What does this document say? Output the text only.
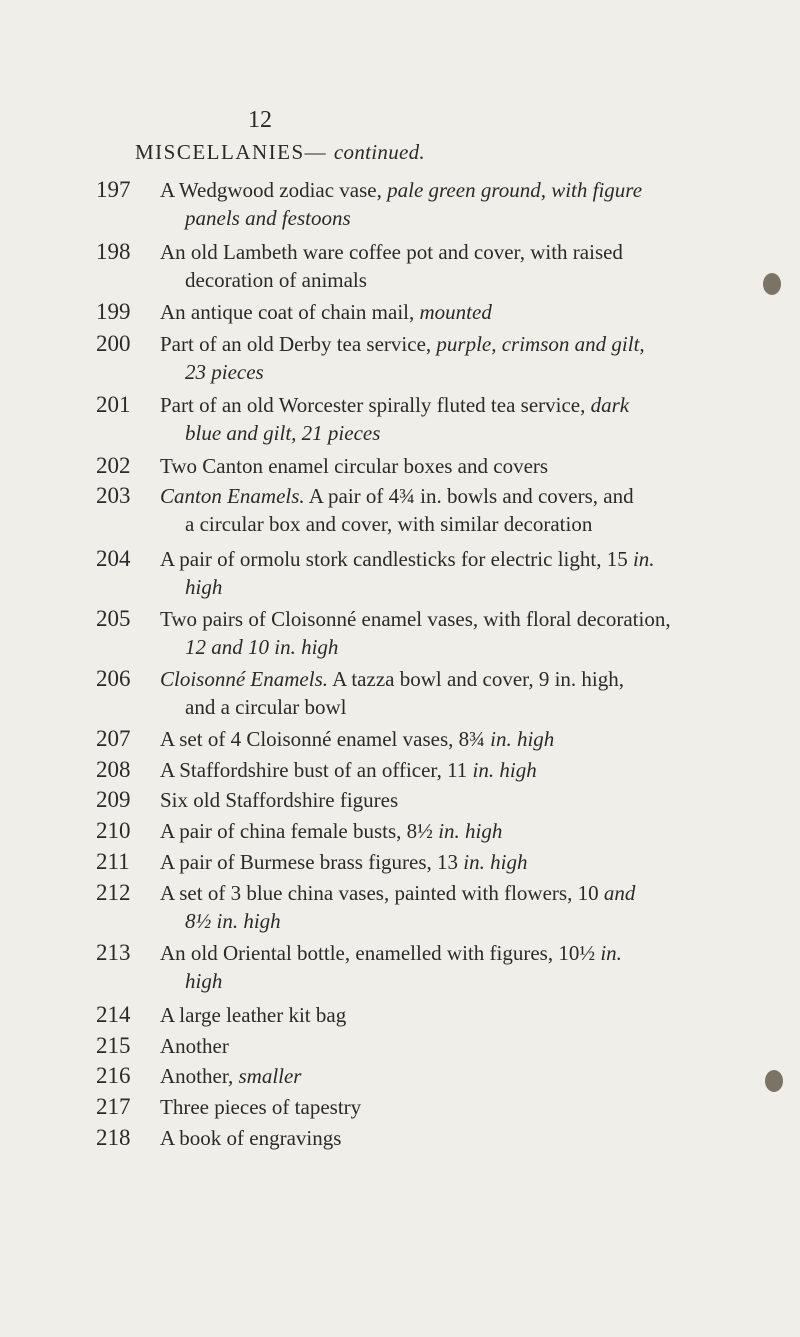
12
MISCELLANIES— continued.
197	A Wedgwood zodiac vase, pale green ground, with figure
panels and festoons
198	An old Lambeth ware coffee pot and cover, with raised
decoration of animals
199	An antique coat of chain mail, mounted
200	Part of an old Derby tea service, purple, crimson and gilt,
23 pieces
201	Part of an old Worcester spirally fluted tea service, dark
blue and gilt, 21 pieces
202	Two Canton enamel circular boxes and covers
203	Canton Enamels. A pair of 4¾ in. bowls and covers, and
a circular box and cover, with similar decoration
204	A pair of ormolu stork candlesticks for electric light, 15 in.
high
205	Two pairs of Cloisonné enamel vases, with floral decoration,
12 and 10 in. high
206	Cloisonné Enamels. A tazza bowl and cover, 9 in. high,
and a circular bowl
207	A set of 4 Cloisonné enamel vases, 8¾ in. high
208	A Staffordshire bust of an officer, 11 in. high
209	Six old Staffordshire figures
210	A pair of china female busts, 8½ in. high
211	A pair of Burmese brass figures, 13 in. high
212	A set of 3 blue china vases, painted with flowers, 10 and
8½ in. high
213	An old Oriental bottle, enamelled with figures, 10½ in.
high
214	A large leather kit bag
215	Another
216	Another, smaller
217	Three pieces of tapestry
218	A book of engravings
